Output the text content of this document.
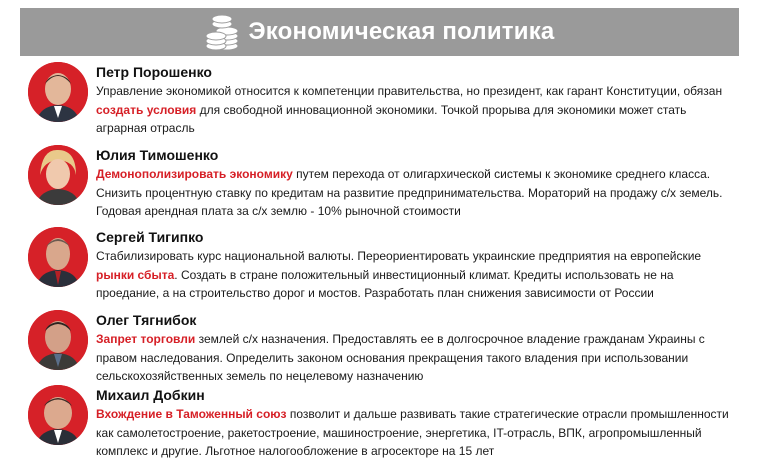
Экономическая политика
Петр Порошенко
Управление экономикой относится к компетенции правительства, но президент, как гарант Конституции, обязан создать условия для свободной инновационной экономики. Точкой прорыва для экономики может стать аграрная отрасль
Юлия Тимошенко
Демонополизировать экономику путем перехода от олигархической системы к экономике среднего класса. Снизить процентную ставку по кредитам на развитие предпринимательства. Мораторий на продажу с/х земель. Годовая арендная плата за с/х землю - 10% рыночной стоимости
Сергей Тигипко
Стабилизировать курс национальной валюты. Переориентировать украинские предприятия на европейские рынки сбыта. Создать в стране положительный инвестиционный климат. Кредиты использовать не на проедание, а на строительство дорог и мостов. Разработать план снижения зависимости от России
Олег Тягнибок
Запрет торговли землей с/х назначения. Предоставлять ее в долгосрочное владение гражданам Украины с правом наследования. Определить законом основания прекращения такого владения при использовании сельскохозяйственных земель по нецелевому назначению
Михаил Добкин
Вхождение в Таможенный союз позволит и дальше развивать такие стратегические отрасли промышленности как самолетостроение, ракетостроение, машиностроение, энергетика, IT-отрасль, ВПК, агропромышленный комплекс и другие. Льготное налогообложение в агросекторе на 15 лет
